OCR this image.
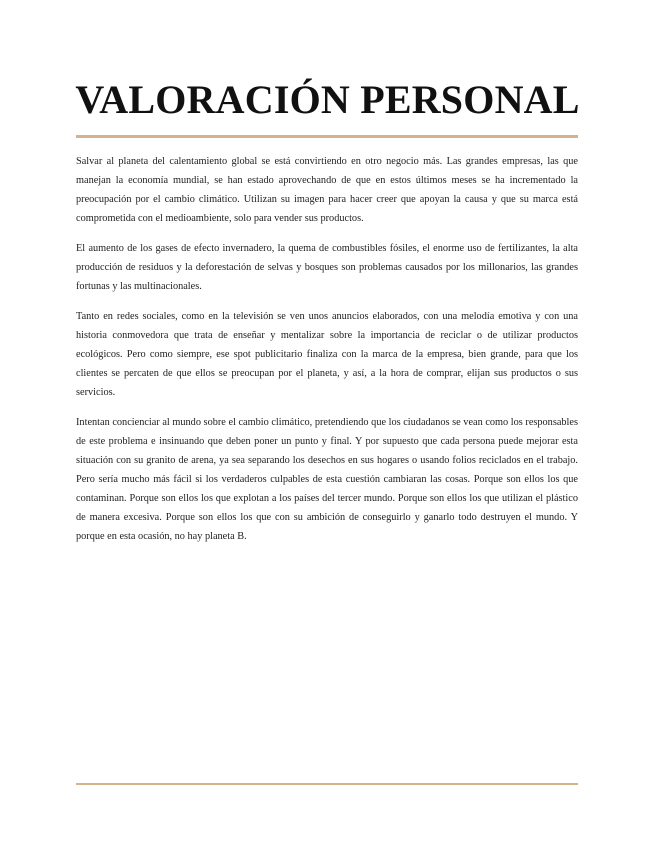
VALORACIÓN PERSONAL

Salvar al planeta del calentamiento global se está convirtiendo en otro negocio más. Las grandes empresas, las que manejan la economía mundial, se han estado aprovechando de que en estos últimos meses se ha incrementado la preocupación por el cambio climático. Utilizan su imagen para hacer creer que apoyan la causa y que su marca está comprometida con el medioambiente, solo para vender sus productos.

El aumento de los gases de efecto invernadero, la quema de combustibles fósiles, el enorme uso de fertilizantes, la alta producción de residuos y la deforestación de selvas y bosques son problemas causados por los millonarios, las grandes fortunas y las multinacionales.

Tanto en redes sociales, como en la televisión se ven unos anuncios elaborados, con una melodía emotiva y con una historia conmovedora que trata de enseñar y mentalizar sobre la importancia de reciclar o de utilizar productos ecológicos. Pero como siempre, ese spot publicitario finaliza con la marca de la empresa, bien grande, para que los clientes se percaten de que ellos se preocupan por el planeta, y así, a la hora de comprar, elijan sus productos o sus servicios.

Intentan concienciar al mundo sobre el cambio climático, pretendiendo que los ciudadanos se vean como los responsables de este problema e insinuando que deben poner un punto y final. Y por supuesto que cada persona puede mejorar esta situación con su granito de arena, ya sea separando los desechos en sus hogares o usando folios reciclados en el trabajo. Pero sería mucho más fácil si los verdaderos culpables de esta cuestión cambiaran las cosas. Porque son ellos los que contaminan. Porque son ellos los que explotan a los países del tercer mundo. Porque son ellos los que utilizan el plástico de manera excesiva. Porque son ellos los que con su ambición de conseguirlo y ganarlo todo destruyen el mundo. Y porque en esta ocasión, no hay planeta B.
